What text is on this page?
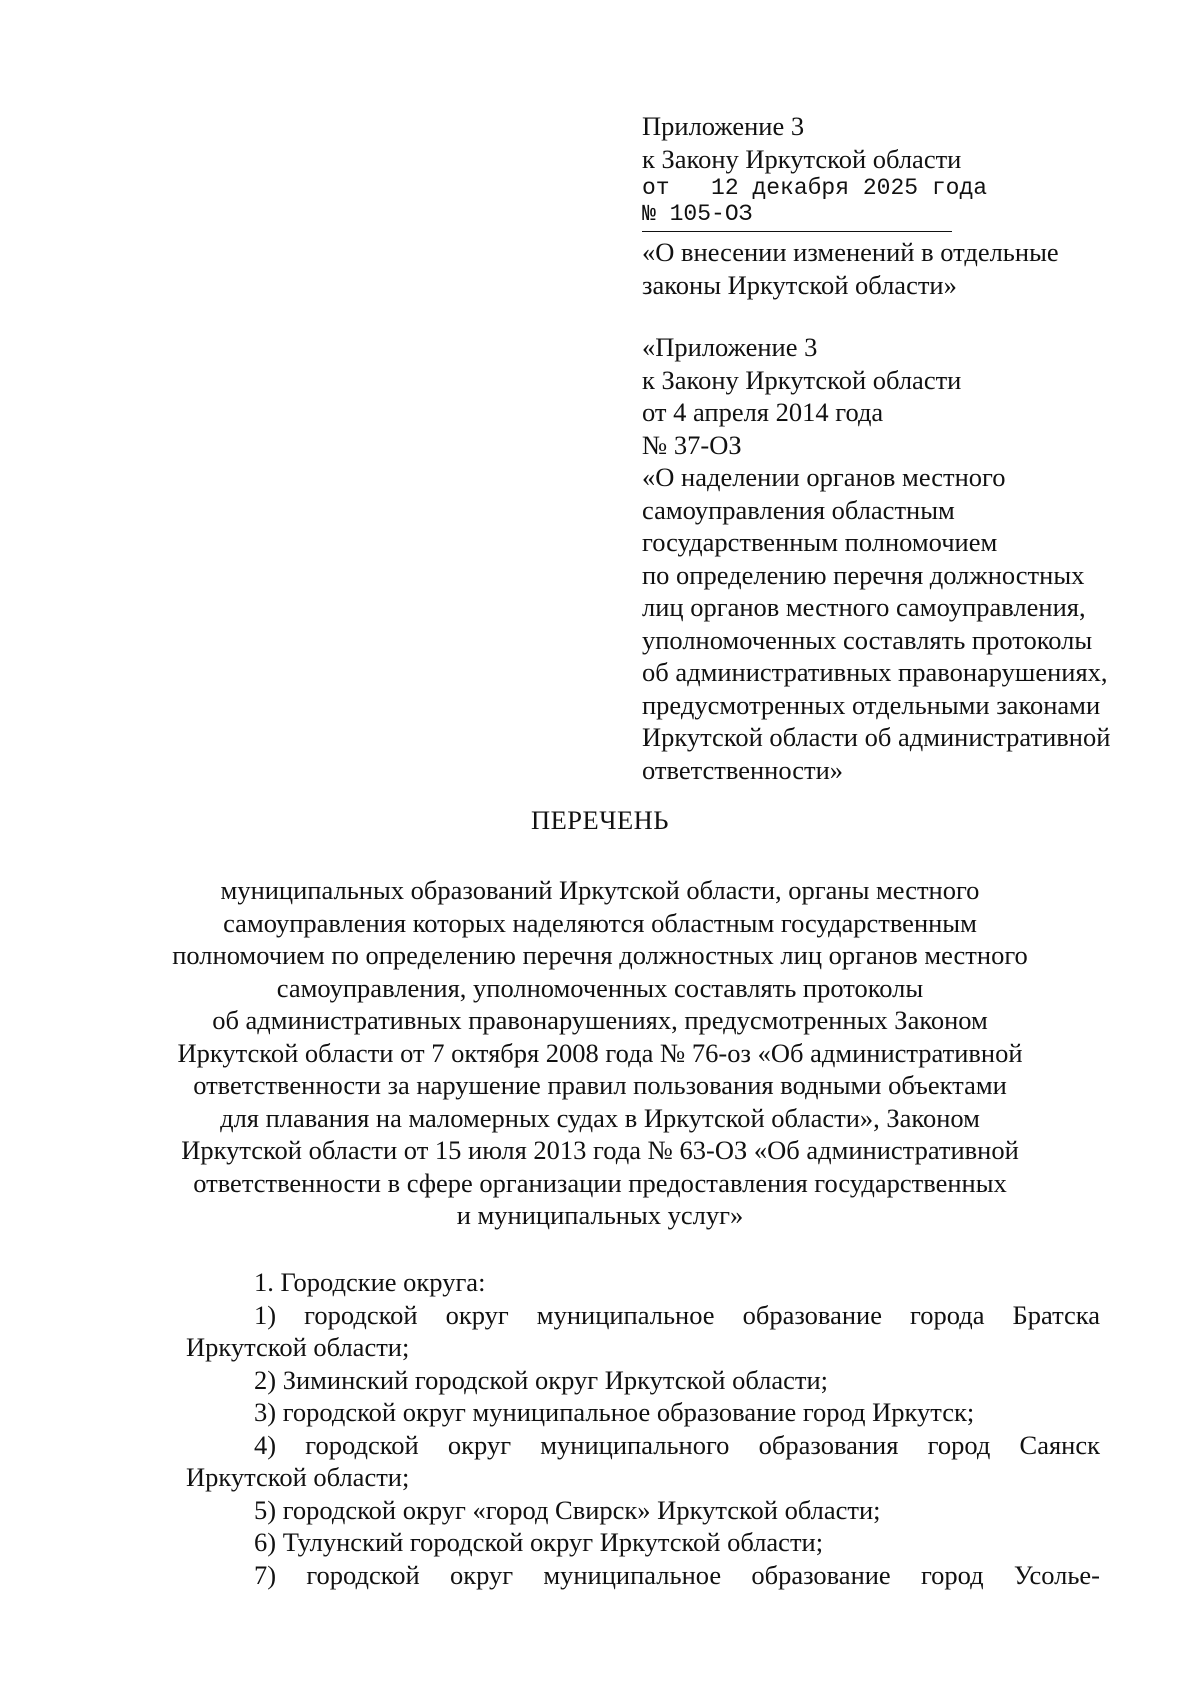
Приложение 3
к Закону Иркутской области
от   12 декабря 2025 года
№ 105-ОЗ
«О внесении изменений в отдельные
законы Иркутской области»
«Приложение 3
к Закону Иркутской области
от 4 апреля 2014 года
№ 37-ОЗ
«О наделении органов местного
самоуправления областным
государственным полномочием
по определению перечня должностных
лиц органов местного самоуправления,
уполномоченных составлять протоколы
об административных правонарушениях,
предусмотренных отдельными законами
Иркутской области об административной
ответственности»
ПЕРЕЧЕНЬ
муниципальных образований Иркутской области, органы местного
самоуправления которых наделяются областным государственным
полномочием по определению перечня должностных лиц органов местного
самоуправления, уполномоченных составлять протоколы
об административных правонарушениях, предусмотренных Законом
Иркутской области от 7 октября 2008 года № 76-оз «Об административной
ответственности за нарушение правил пользования водными объектами
для плавания на маломерных судах в Иркутской области», Законом
Иркутской области от 15 июля 2013 года № 63-ОЗ «Об административной
ответственности в сфере организации предоставления государственных
и муниципальных услуг»
1. Городские округа:
1) городской округ муниципальное образование города Братска
Иркутской области;
2) Зиминский городской округ Иркутской области;
3) городской округ муниципальное образование город Иркутск;
4) городской округ муниципального образования город Саянск
Иркутской области;
5) городской округ «город Свирск» Иркутской области;
6) Тулунский городской округ Иркутской области;
7) городской округ муниципальное образование город Усолье-
